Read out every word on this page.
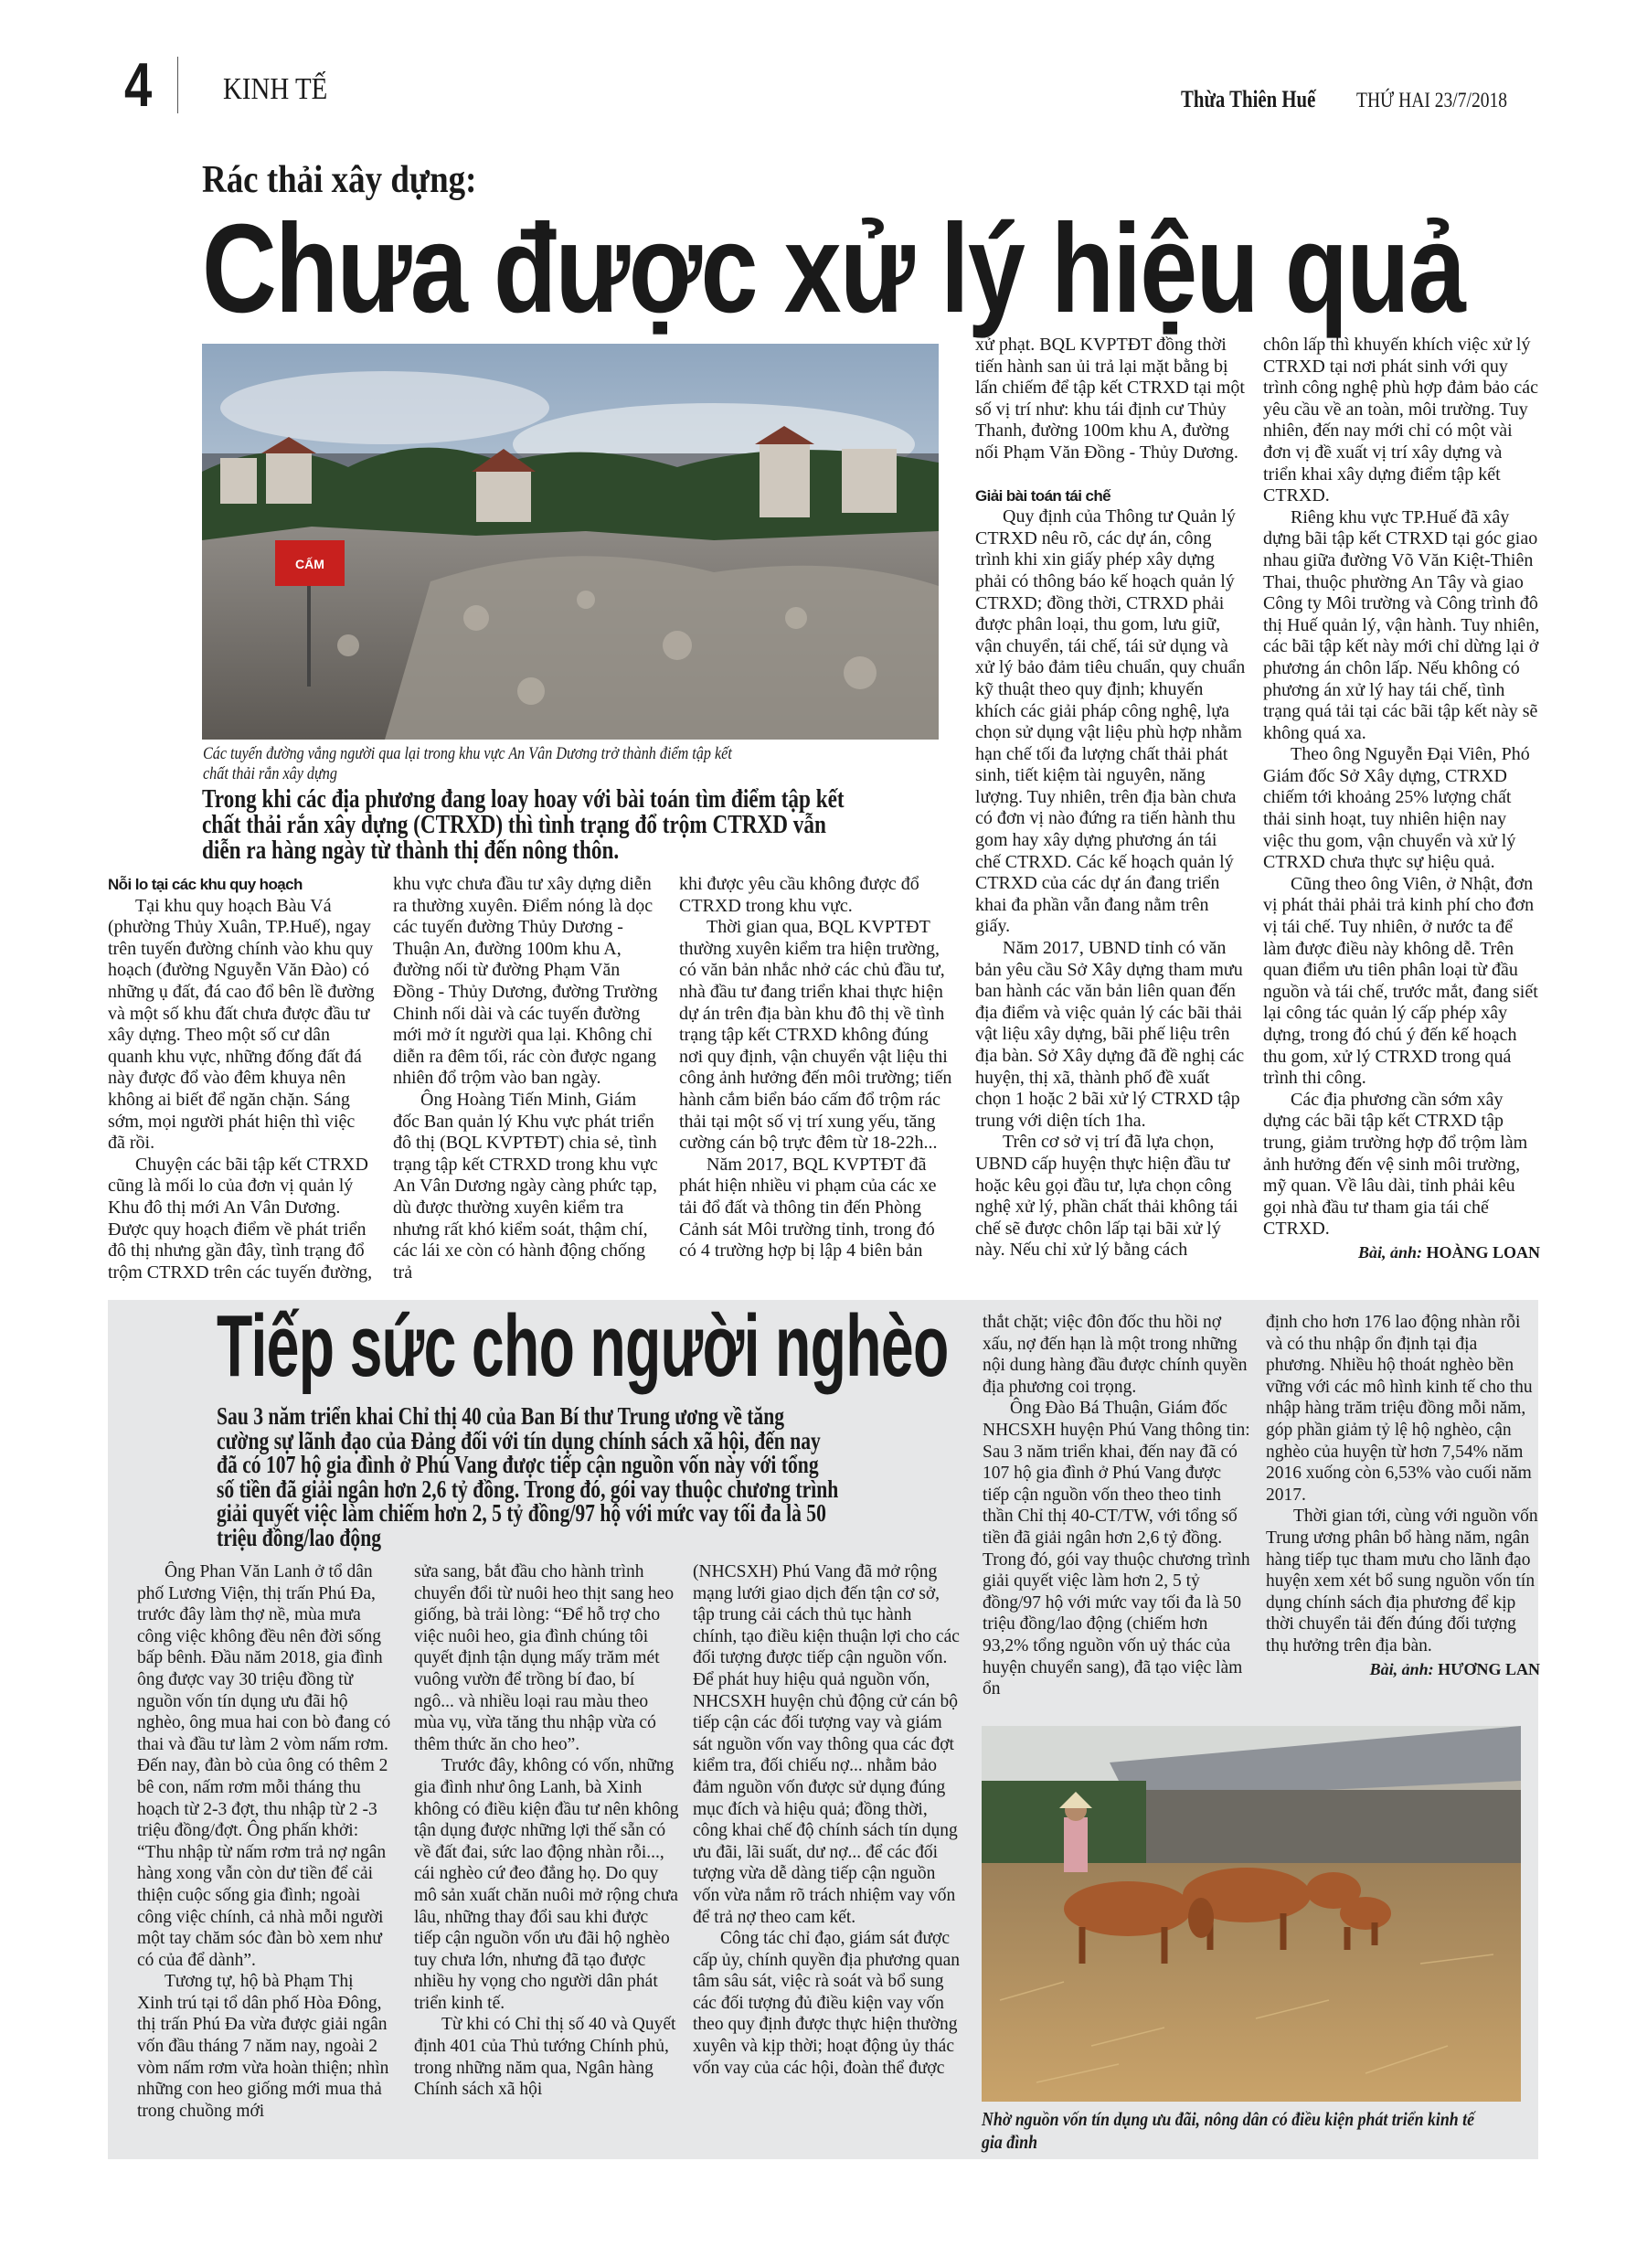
4 KINH TẾ	Thừa Thiên Huế THỨ HAI 23/7/2018
Rác thải xây dựng:
Chưa được xử lý hiệu quả
CẤM
Các tuyến đường vắng người qua lại trong khu vực An Vân Dương trở thành điểm tập kết
chất thải rắn xây dựng
Trong khi các địa phương đang loay hoay với bài toán tìm điểm tập kết
chất thải rắn xây dựng (CTRXD) thì tình trạng đổ trộm CTRXD vẫn
diễn ra hàng ngày từ thành thị đến nông thôn.
Nỗi lo tại các khu quy hoạch

Tại khu quy hoạch Bàu Vá (phường Thủy Xuân, TP.Huế), ngay trên tuyến đường chính vào khu quy hoạch (đường Nguyễn Văn Đào) có những ụ đất, đá cao đổ bên lề đường và một số khu đất chưa được đầu tư xây dựng. Theo một số cư dân quanh khu vực, những đống đất đá này được đổ vào đêm khuya nên không ai biết để ngăn chặn. Sáng sớm, mọi người phát hiện thì việc đã rồi.

Chuyện các bãi tập kết CTRXD cũng là mối lo của đơn vị quản lý Khu đô thị mới An Vân Dương. Được quy hoạch điểm về phát triển đô thị nhưng gần đây, tình trạng đổ trộm CTRXD trên các tuyến đường,

khu vực chưa đầu tư xây dựng diễn ra thường xuyên. Điểm nóng là dọc các tuyến đường Thủy Dương - Thuận An, đường 100m khu A, đường nối từ đường Phạm Văn Đồng - Thủy Dương, đường Trường Chinh nối dài và các tuyến đường mới mở ít người qua lại. Không chỉ diễn ra đêm tối, rác còn được ngang nhiên đổ trộm vào ban ngày.

Ông Hoàng Tiến Minh, Giám đốc Ban quản lý Khu vực phát triển đô thị (BQL KVPTĐT) chia sẻ, tình trạng tập kết CTRXD trong khu vực An Vân Dương ngày càng phức tạp, dù được thường xuyên kiểm tra nhưng rất khó kiểm soát, thậm chí, các lái xe còn có hành động chống trả

khi được yêu cầu không được đổ CTRXD trong khu vực.

Thời gian qua, BQL KVPTĐT thường xuyên kiểm tra hiện trường, có văn bản nhắc nhở các chủ đầu tư, nhà đầu tư đang triển khai thực hiện dự án trên địa bàn khu đô thị về tình trạng tập kết CTRXD không đúng nơi quy định, vận chuyển vật liệu thi công ảnh hưởng đến môi trường; tiến hành cắm biển báo cấm đổ trộm rác thải tại một số vị trí xung yếu, tăng cường cán bộ trực đêm từ 18-22h...

Năm 2017, BQL KVPTĐT đã phát hiện nhiều vi phạm của các xe tải đổ đất và thông tin đến Phòng Cảnh sát Môi trường tỉnh, trong đó có 4 trường hợp bị lập 4 biên bản

xử phạt. BQL KVPTĐT đồng thời tiến hành san ủi trả lại mặt bằng bị lấn chiếm để tập kết CTRXD tại một số vị trí như: khu tái định cư Thủy Thanh, đường 100m khu A, đường nối Phạm Văn Đồng - Thủy Dương.

Giải bài toán tái chế

Quy định của Thông tư Quản lý CTRXD nêu rõ, các dự án, công trình khi xin giấy phép xây dựng phải có thông báo kế hoạch quản lý CTRXD; đồng thời, CTRXD phải được phân loại, thu gom, lưu giữ, vận chuyển, tái chế, tái sử dụng và xử lý bảo đảm tiêu chuẩn, quy chuẩn kỹ thuật theo quy định; khuyến khích các giải pháp công nghệ, lựa chọn sử dụng vật liệu phù hợp nhằm hạn chế tối đa lượng chất thải phát sinh, tiết kiệm tài nguyên, năng lượng. Tuy nhiên, trên địa bàn chưa có đơn vị nào đứng ra tiến hành thu gom hay xây dựng phương án tái chế CTRXD. Các kế hoạch quản lý CTRXD của các dự án đang triển khai đa phần vẫn đang nằm trên giấy.

Năm 2017, UBND tỉnh có văn bản yêu cầu Sở Xây dựng tham mưu ban hành các văn bản liên quan đến địa điểm và việc quản lý các bãi thải vật liệu xây dựng, bãi phế liệu trên địa bàn. Sở Xây dựng đã đề nghị các huyện, thị xã, thành phố đề xuất chọn 1 hoặc 2 bãi xử lý CTRXD tập trung với diện tích 1ha.

Trên cơ sở vị trí đã lựa chọn, UBND cấp huyện thực hiện đầu tư hoặc kêu gọi đầu tư, lựa chọn công nghệ xử lý, phần chất thải không tái chế sẽ được chôn lấp tại bãi xử lý này. Nếu chỉ xử lý bằng cách

chôn lấp thì khuyến khích việc xử lý CTRXD tại nơi phát sinh với quy trình công nghệ phù hợp đảm bảo các yêu cầu về an toàn, môi trường. Tuy nhiên, đến nay mới chỉ có một vài đơn vị đề xuất vị trí xây dựng và triển khai xây dựng điểm tập kết CTRXD.

Riêng khu vực TP.Huế đã xây dựng bãi tập kết CTRXD tại góc giao nhau giữa đường Võ Văn Kiệt-Thiên Thai, thuộc phường An Tây và giao Công ty Môi trường và Công trình đô thị Huế quản lý, vận hành. Tuy nhiên, các bãi tập kết này mới chỉ dừng lại ở phương án chôn lấp. Nếu không có phương án xử lý hay tái chế, tình trạng quá tải tại các bãi tập kết này sẽ không quá xa.

Theo ông Nguyễn Đại Viên, Phó Giám đốc Sở Xây dựng, CTRXD chiếm tới khoảng 25% lượng chất thải sinh hoạt, tuy nhiên hiện nay việc thu gom, vận chuyển và xử lý CTRXD chưa thực sự hiệu quả.

Cũng theo ông Viên, ở Nhật, đơn vị phát thải phải trả kinh phí cho đơn vị tái chế. Tuy nhiên, ở nước ta để làm được điều này không dễ. Trên quan điểm ưu tiên phân loại từ đầu nguồn và tái chế, trước mắt, đang siết lại công tác quản lý cấp phép xây dựng, trong đó chú ý đến kế hoạch thu gom, xử lý CTRXD trong quá trình thi công.

Các địa phương cần sớm xây dựng các bãi tập kết CTRXD tập trung, giảm trường hợp đổ trộm làm ảnh hưởng đến vệ sinh môi trường, mỹ quan. Về lâu dài, tỉnh phải kêu gọi nhà đầu tư tham gia tái chế CTRXD.

Bài, ảnh: HOÀNG LOAN
Tiếp sức cho người nghèo
Sau 3 năm triển khai Chỉ thị 40 của Ban Bí thư Trung ương về tăng
cường sự lãnh đạo của Đảng đối với tín dụng chính sách xã hội, đến nay
đã có 107 hộ gia đình ở Phú Vang được tiếp cận nguồn vốn này với tổng
số tiền đã giải ngân hơn 2,6 tỷ đồng. Trong đó, gói vay thuộc chương trình
giải quyết việc làm chiếm hơn 2, 5 tỷ đồng/97 hộ với mức vay tối đa là 50
triệu đồng/lao động

Ông Phan Văn Lanh ở tổ dân phố Lương Viện, thị trấn Phú Đa, trước đây làm thợ nề, mùa mưa công việc không đều nên đời sống bấp bênh. Đầu năm 2018, gia đình ông được vay 30 triệu đồng từ nguồn vốn tín dụng ưu đãi hộ nghèo, ông mua hai con bò đang có thai và đầu tư làm 2 vòm nấm rơm. Đến nay, đàn bò của ông có thêm 2 bê con, nấm rơm mỗi tháng thu hoạch từ 2-3 đợt, thu nhập từ 2 -3 triệu đồng/đợt. Ông phấn khởi: “Thu nhập từ nấm rơm trả nợ ngân hàng xong vẫn còn dư tiền để cải thiện cuộc sống gia đình; ngoài công việc chính, cả nhà mỗi người một tay chăm sóc đàn bò xem như có của để dành”.

Tương tự, hộ bà Phạm Thị Xinh trú tại tổ dân phố Hòa Đông, thị trấn Phú Đa vừa được giải ngân vốn đầu tháng 7 năm nay, ngoài 2 vòm nấm rơm vừa hoàn thiện; nhìn những con heo giống mới mua thả trong chuồng mới

sửa sang, bắt đầu cho hành trình chuyển đổi từ nuôi heo thịt sang heo giống, bà trải lòng: “Để hỗ trợ cho việc nuôi heo, gia đình chúng tôi quyết định tận dụng mấy trăm mét vuông vườn để trồng bí đao, bí ngô... và nhiều loại rau màu theo mùa vụ, vừa tăng thu nhập vừa có thêm thức ăn cho heo”.

Trước đây, không có vốn, những gia đình như ông Lanh, bà Xinh không có điều kiện đầu tư nên không tận dụng được những lợi thế sẵn có về đất đai, sức lao động nhàn rỗi..., cái nghèo cứ đeo đẳng họ. Do quy mô sản xuất chăn nuôi mở rộng chưa lâu, những thay đổi sau khi được tiếp cận nguồn vốn ưu đãi hộ nghèo tuy chưa lớn, nhưng đã tạo được nhiều hy vọng cho người dân phát triển kinh tế.

Từ khi có Chỉ thị số 40 và Quyết định 401 của Thủ tướng Chính phủ, trong những năm qua, Ngân hàng Chính sách xã hội

(NHCSXH) Phú Vang đã mở rộng mạng lưới giao dịch đến tận cơ sở, tập trung cải cách thủ tục hành chính, tạo điều kiện thuận lợi cho các đối tượng được tiếp cận nguồn vốn. Để phát huy hiệu quả nguồn vốn, NHCSXH huyện chủ động cử cán bộ tiếp cận các đối tượng vay và giám sát nguồn vốn vay thông qua các đợt kiểm tra, đối chiếu nợ... nhằm bảo đảm nguồn vốn được sử dụng đúng mục đích và hiệu quả; đồng thời, công khai chế độ chính sách tín dụng ưu đãi, lãi suất, dư nợ... để các đối tượng vừa dễ dàng tiếp cận nguồn vốn vừa nắm rõ trách nhiệm vay vốn để trả nợ theo cam kết.

Công tác chỉ đạo, giám sát được cấp ủy, chính quyền địa phương quan tâm sâu sát, việc rà soát và bổ sung các đối tượng đủ điều kiện vay vốn theo quy định được thực hiện thường xuyên và kịp thời; hoạt động ủy thác vốn vay của các hội, đoàn thể được

thắt chặt; việc đôn đốc thu hồi nợ xấu, nợ đến hạn là một trong những nội dung hàng đầu được chính quyền địa phương coi trọng.

Ông Đào Bá Thuận, Giám đốc NHCSXH huyện Phú Vang thông tin: Sau 3 năm triển khai, đến nay đã có 107 hộ gia đình ở Phú Vang được tiếp cận nguồn vốn theo theo tinh thần Chỉ thị 40-CT/TW, với tổng số tiền đã giải ngân hơn 2,6 tỷ đồng. Trong đó, gói vay thuộc chương trình giải quyết việc làm hơn 2, 5 tỷ đồng/97 hộ với mức vay tối đa là 50 triệu đồng/lao động (chiếm hơn 93,2% tổng nguồn vốn uỷ thác của huyện chuyển sang), đã tạo việc làm ổn

định cho hơn 176 lao động nhàn rỗi và có thu nhập ổn định tại địa phương. Nhiều hộ thoát nghèo bền vững với các mô hình kinh tế cho thu nhập hàng trăm triệu đồng mỗi năm, góp phần giảm tỷ lệ hộ nghèo, cận nghèo của huyện từ hơn 7,54% năm 2016 xuống còn 6,53% vào cuối năm 2017.

Thời gian tới, cùng với nguồn vốn Trung ương phân bổ hàng năm, ngân hàng tiếp tục tham mưu cho lãnh đạo huyện xem xét bổ sung nguồn vốn tín dụng chính sách địa phương để kịp thời chuyển tải đến đúng đối tượng thụ hưởng trên địa bàn.

Bài, ảnh: HƯƠNG LAN
Nhờ nguồn vốn tín dụng ưu đãi, nông dân có điều kiện phát triển kinh tế
gia đình
